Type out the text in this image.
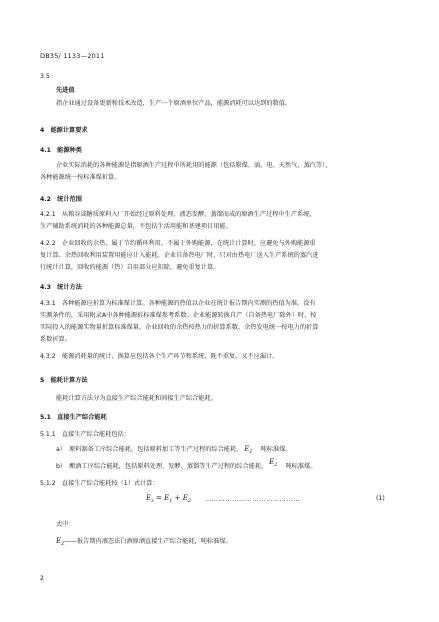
DB35/ 1133—2011
3.5
先进值
指企业通过设备更新和技术改造，生产一个原酒单位产品，能源消耗可以达到的数值。
4　能源计算要求
4.1　能源种类
企业实际消耗的各种能源是指原酒生产过程中所耗用的能源（包括原煤、油、电、天然气、蒸汽等），
各种能源统一按标准煤折算。
4.2　统计范围
4.2.1　从粮谷或糖质原料入厂开始经过原料处理、液态发酵、蒸馏而成的原酒生产过程中生产系统、
生产辅助系统消耗的各种能源总量，不包括生活用能和基建项目用能。
4.2.2　企业回收的余热，属于节约循环利用，不属于外购能源，在统计计算时，应避免与外购能源重
复计算。余热回收利用装置用能应计入能耗。企业自备热电厂时，只对由热电厂送入生产系统的蒸汽进
行统计计算，回收的能源（热）自用部分应扣除，避免重复计算。
4.3　统计方法
4.3.1　各种能源应折算为标准煤计算。各种能源的热值以企业在统计报告期内实测的热值为准。没有
实测条件的，采用附录A中各种能源折标准煤参考系数。企业能源转换自产（自备热电厂除外）时，按
实际投入的能源实物量折算标准煤量。企业回收的余热按热力的折算系数，余热发电统一按电力的折算
系数折算。
4.3.2　能源消耗量的统计、换算应包括各个生产环节和系统，既不重复，又不应漏计。
5　能耗计算方法
能耗计算方法分为直接生产综合能耗和间接生产综合能耗。
5.1　直接生产综合能耗
5.1.1　直接生产综合能耗包括：
a）　原料制备工序综合能耗，包括原料加工等生产过程的综合能耗， $E_1$ 吨标准煤。
b）　酿酒工序综合能耗，包括原料处理、发酵、蒸馏等生产过程的综合能耗， $E_2$ 吨标准煤。
5.1.2　直接生产综合能耗按（1）式计算：
$E_z = E_1 + E_2$ ……………………………………	(1)
式中：
$E_Z——$报告期内液态法白酒原酒直接生产综合能耗，吨标准煤。
2
